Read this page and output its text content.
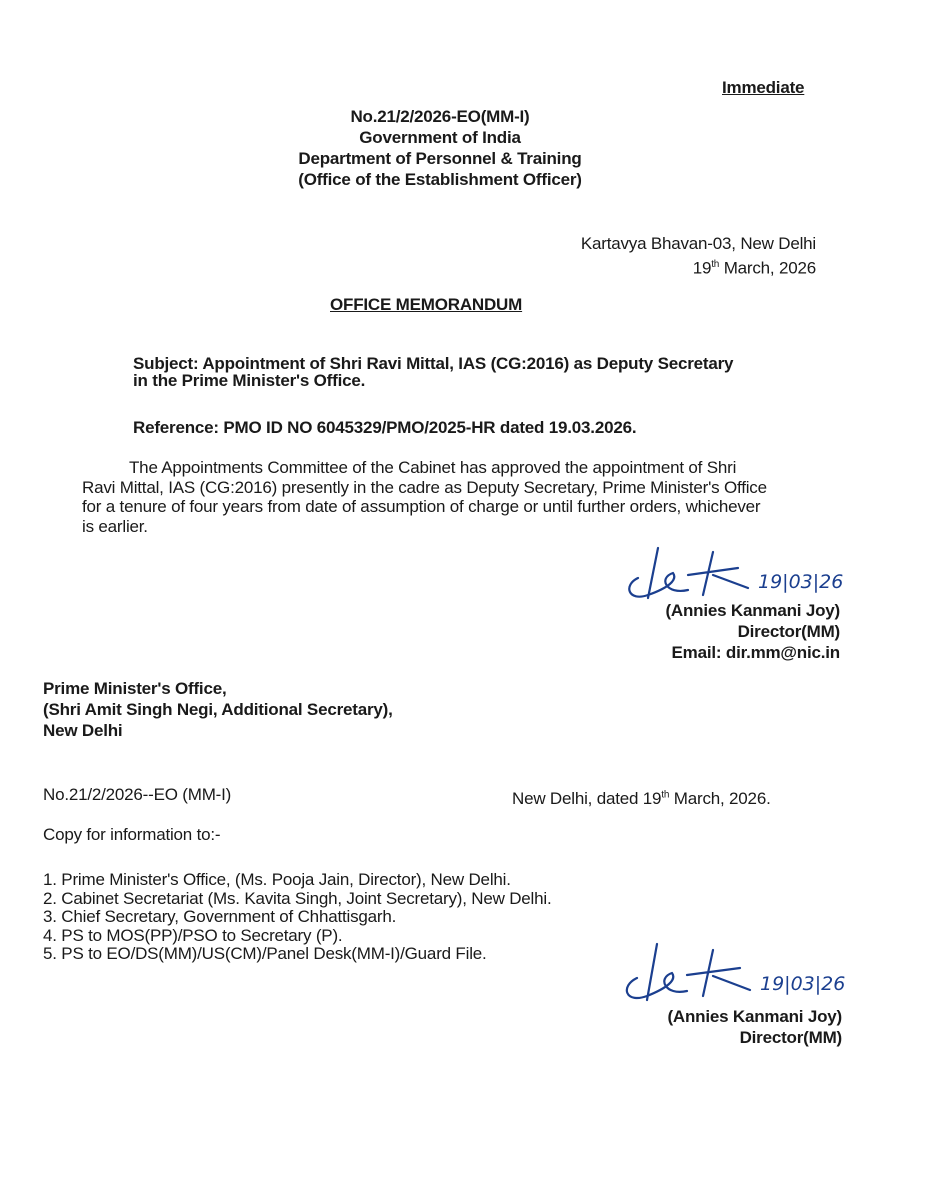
Immediate
No.21/2/2026-EO(MM-I)
Government of India
Department of Personnel & Training
(Office of the Establishment Officer)
Kartavya Bhavan-03, New Delhi
19th March, 2026
OFFICE MEMORANDUM
Subject: Appointment of Shri Ravi Mittal, IAS (CG:2016) as Deputy Secretary
in the Prime Minister's Office.
Reference: PMO ID NO 6045329/PMO/2025-HR dated 19.03.2026.
The Appointments Committee of the Cabinet has approved the appointment of Shri
Ravi Mittal, IAS (CG:2016) presently in the cadre as Deputy Secretary, Prime Minister's Office
for a tenure of four years from date of assumption of charge or until further orders, whichever
is earlier.
19|03|26
(Annies Kanmani Joy)
Director(MM)
Email: dir.mm@nic.in
Prime Minister's Office,
(Shri Amit Singh Negi, Additional Secretary),
New Delhi
No.21/2/2026--EO (MM-I)	New Delhi, dated 19th March, 2026.
Copy for information to:-
1. Prime Minister's Office, (Ms. Pooja Jain, Director), New Delhi.
2. Cabinet Secretariat (Ms. Kavita Singh, Joint Secretary), New Delhi.
3. Chief Secretary, Government of Chhattisgarh.
4. PS to MOS(PP)/PSO to Secretary (P).
5. PS to EO/DS(MM)/US(CM)/Panel Desk(MM-I)/Guard File.
19|03|26
(Annies Kanmani Joy)
Director(MM)
